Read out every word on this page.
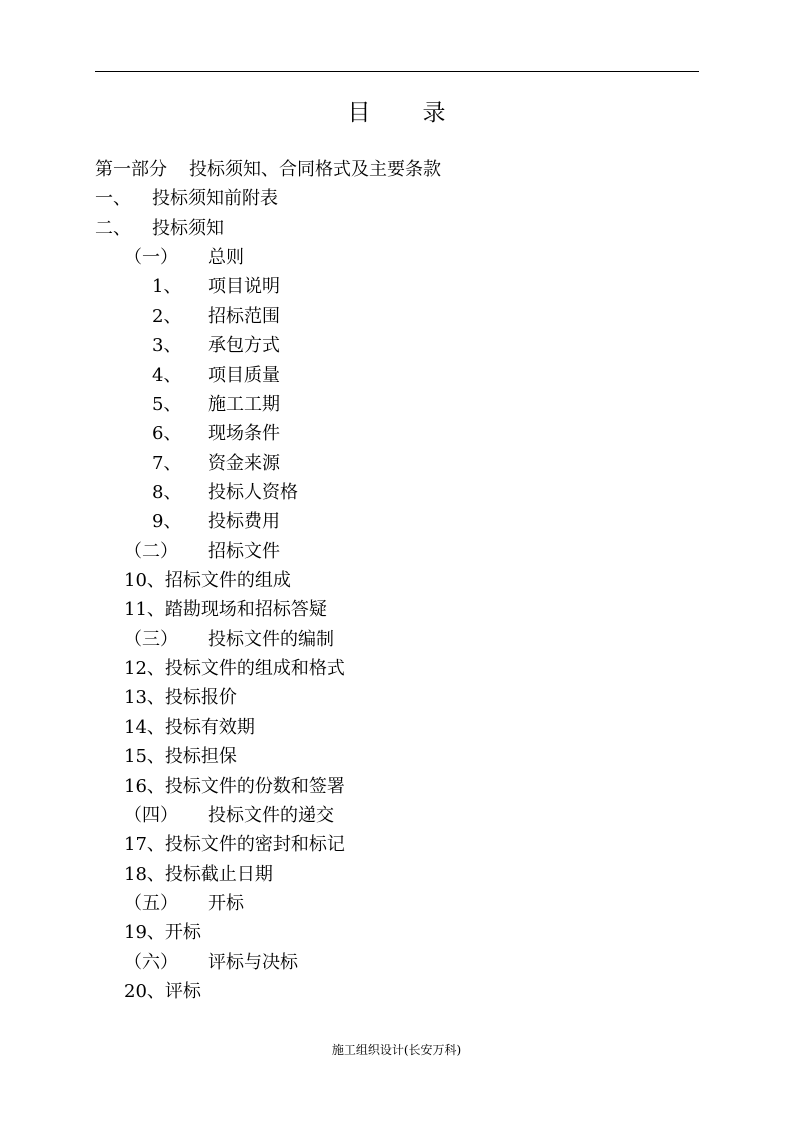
目 录
第一部分 投标须知、合同格式及主要条款
一、 投标须知前附表
二、 投标须知
（一） 总则
1、 项目说明
2、 招标范围
3、 承包方式
4、 项目质量
5、 施工工期
6、 现场条件
7、 资金来源
8、 投标人资格
9、 投标费用
（二） 招标文件
10、招标文件的组成
11、踏勘现场和招标答疑
（三） 投标文件的编制
12、投标文件的组成和格式
13、投标报价
14、投标有效期
15、投标担保
16、投标文件的份数和签署
（四） 投标文件的递交
17、投标文件的密封和标记
18、投标截止日期
（五） 开标
19、开标
（六） 评标与决标
20、评标
施工组织设计(长安万科)
